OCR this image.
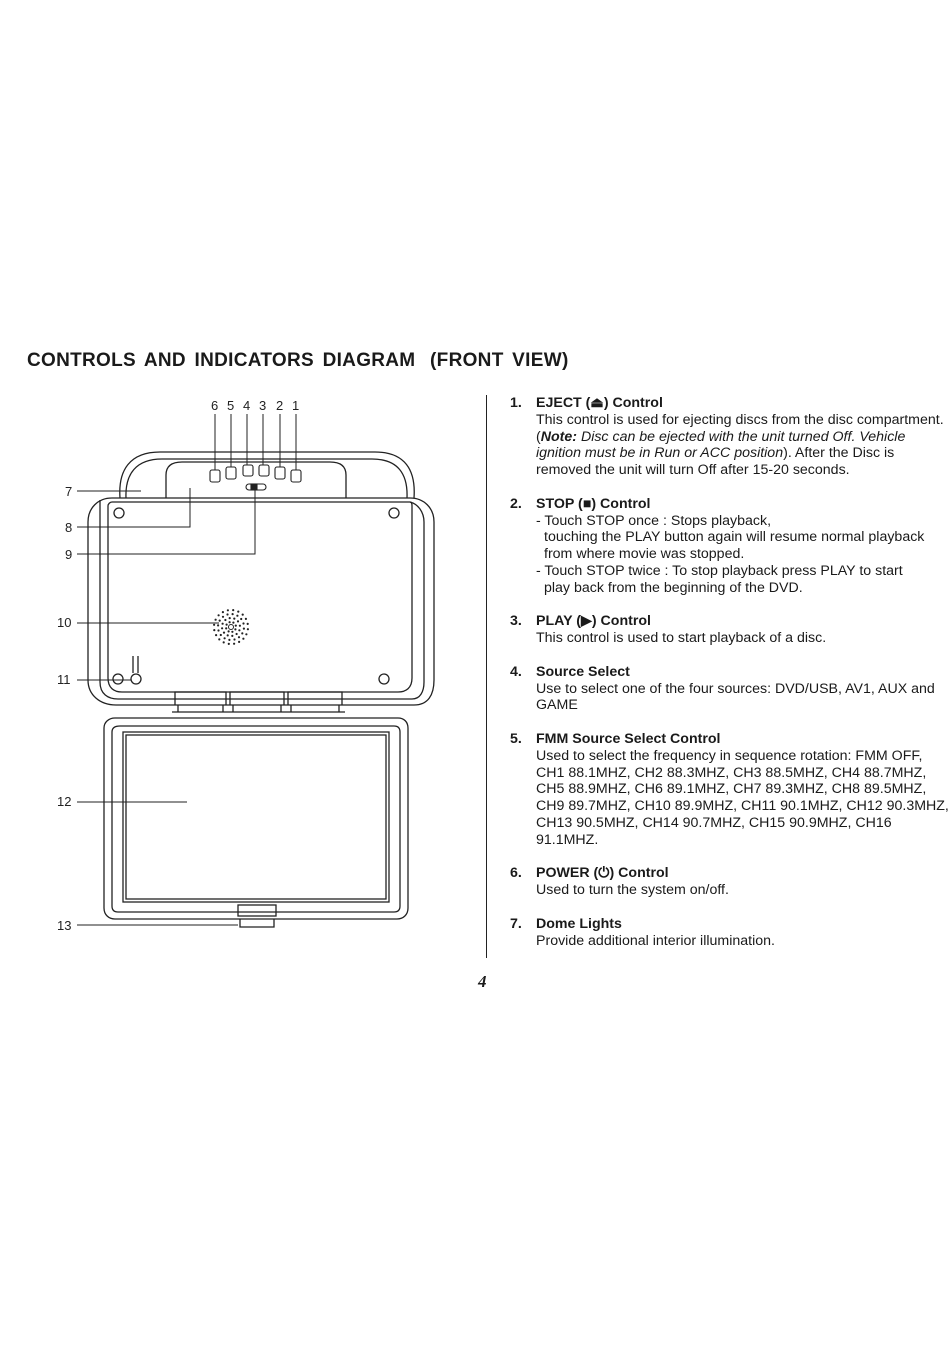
CONTROLS AND INDICATORS DIAGRAM (FRONT VIEW)
6 5 4 3 2 1
7
8
9
10
11
12
13
1. EJECT (⏏) Control
This control is used for ejecting discs from the disc compartment. (Note: Disc can be ejected with the unit turned Off. Vehicle ignition must be in Run or ACC position). After the Disc is removed the unit will turn Off after 15-20 seconds.
2. STOP (■) Control
- Touch STOP once : Stops playback,
touching the PLAY button again will resume normal playback from where movie was stopped.
- Touch STOP twice : To stop playback press PLAY to start
play back from the beginning of the DVD.
3. PLAY (▶) Control
This control is used to start playback of a disc.
4. Source Select
Use to select one of the four sources: DVD/USB, AV1, AUX and GAME
5. FMM Source Select Control
Used to select the frequency in sequence rotation: FMM OFF, CH1 88.1MHZ, CH2 88.3MHZ, CH3 88.5MHZ, CH4 88.7MHZ, CH5 88.9MHZ, CH6 89.1MHZ, CH7 89.3MHZ, CH8 89.5MHZ, CH9 89.7MHZ, CH10 89.9MHZ, CH11 90.1MHZ, CH12 90.3MHZ, CH13 90.5MHZ, CH14 90.7MHZ, CH15 90.9MHZ, CH16 91.1MHZ.
6. POWER (⏻) Control
Used to turn the system on/off.
7. Dome Lights
Provide additional interior illumination.
4
